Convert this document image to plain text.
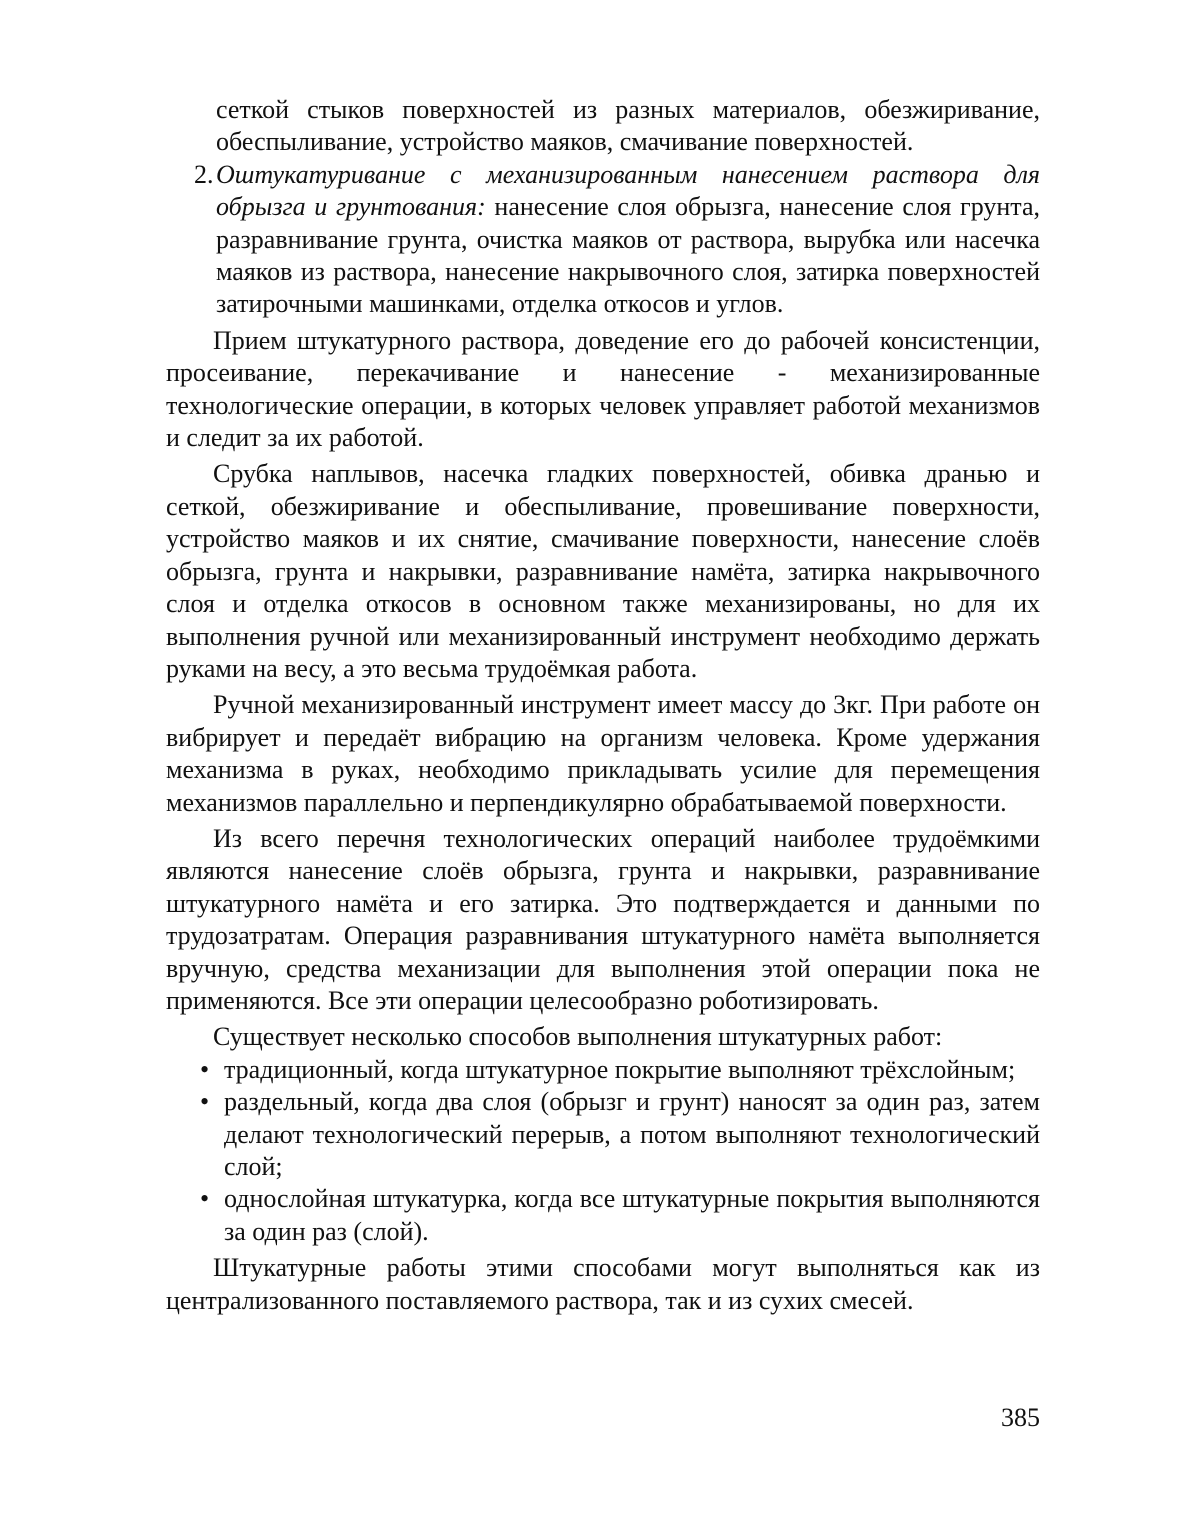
сеткой стыков поверхностей из разных материалов, обезжиривание, обеспыливание, устройство маяков, смачивание поверхностей.

2. Оштукатуривание с механизированным нанесением раствора для обрызга и грунтования: нанесение слоя обрызга, нанесение слоя грунта, разравнивание грунта, очистка маяков от раствора, вырубка или насечка маяков из раствора, нанесение накрывочного слоя, затирка поверхностей затирочными машинками, отделка откосов и углов.

Прием штукатурного раствора, доведение его до рабочей консистенции, просеивание, перекачивание и нанесение - механизированные технологические операции, в которых человек управляет работой механизмов и следит за их работой.

Срубка наплывов, насечка гладких поверхностей, обивка дранью и сеткой, обезжиривание и обеспыливание, провешивание поверхности, устройство маяков и их снятие, смачивание поверхности, нанесение слоёв обрызга, грунта и накрывки, разравнивание намёта, затирка накрывочного слоя и отделка откосов в основном также механизированы, но для их выполнения ручной или механизированный инструмент необходимо держать руками на весу, а это весьма трудоёмкая работа.

Ручной механизированный инструмент имеет массу до 3кг. При работе он вибрирует и передаёт вибрацию на организм человека. Кроме удержания механизма в руках, необходимо прикладывать усилие для перемещения механизмов параллельно и перпендикулярно обрабатываемой поверхности.

Из всего перечня технологических операций наиболее трудоёмкими являются нанесение слоёв обрызга, грунта и накрывки, разравнивание штукатурного намёта и его затирка. Это подтверждается и данными по трудозатратам. Операция разравнивания штукатурного намёта выполняется вручную, средства механизации для выполнения этой операции пока не применяются. Все эти операции целесообразно роботизировать.

Существует несколько способов выполнения штукатурных работ:

• традиционный, когда штукатурное покрытие выполняют трёхслойным;
• раздельный, когда два слоя (обрызг и грунт) наносят за один раз, затем делают технологический перерыв, а потом выполняют технологический слой;
• однослойная штукатурка, когда все штукатурные покрытия выполняются за один раз (слой).

Штукатурные работы этими способами могут выполняться как из централизованного поставляемого раствора, так и из сухих смесей.

385
